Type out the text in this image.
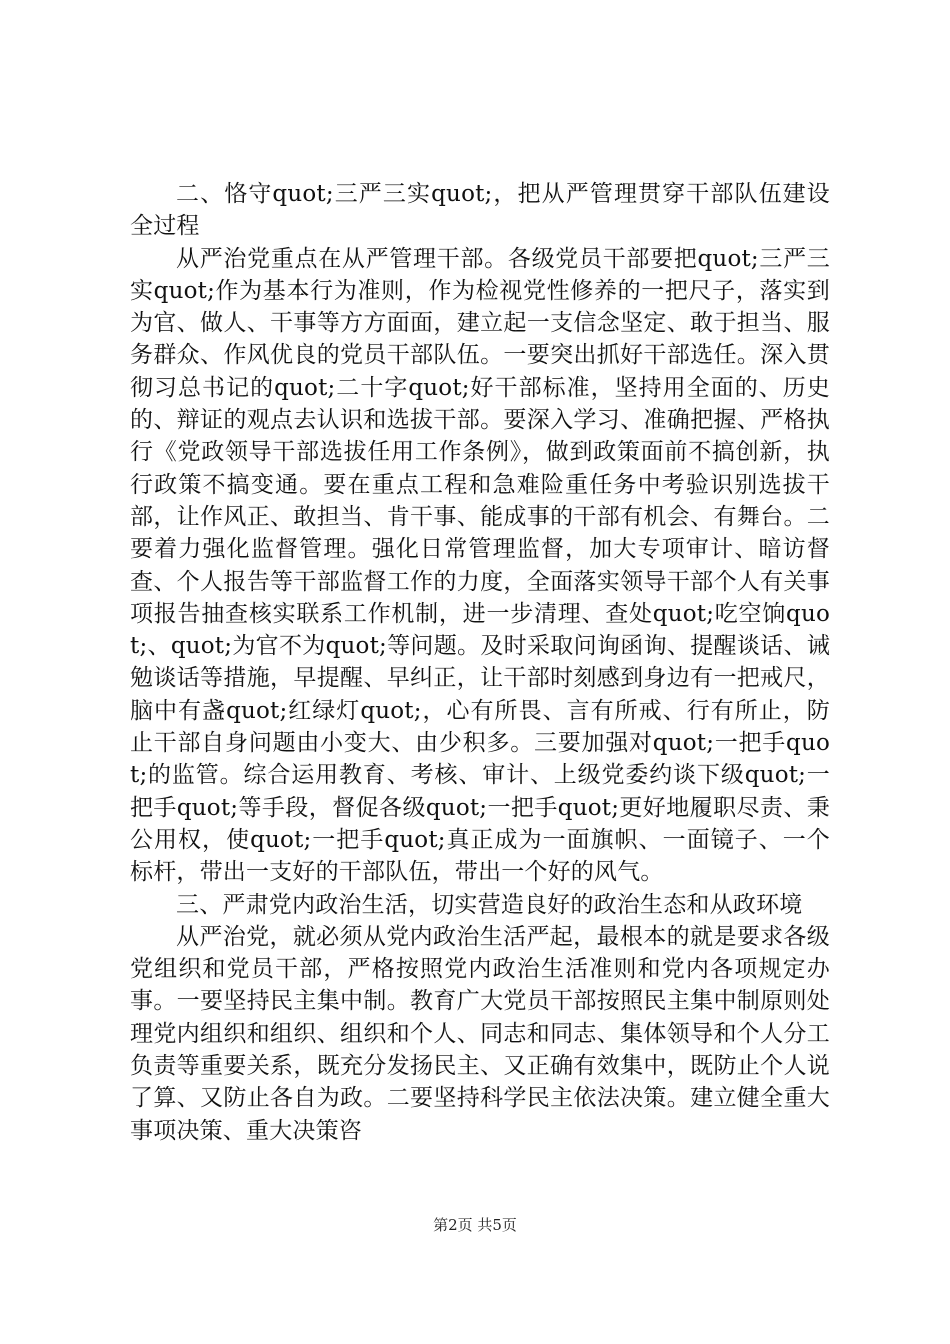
二、恪守quot;三严三实quot;，把从严管理贯穿干部队伍建设全过程

从严治党重点在从严管理干部。各级党员干部要把quot;三严三实quot;作为基本行为准则，作为检视党性修养的一把尺子，落实到为官、做人、干事等方方面面，建立起一支信念坚定、敢于担当、服务群众、作风优良的党员干部队伍。一要突出抓好干部选任。深入贯彻习总书记的quot;二十字quot;好干部标准，坚持用全面的、历史的、辩证的观点去认识和选拔干部。要深入学习、准确把握、严格执行《党政领导干部选拔任用工作条例》，做到政策面前不搞创新，执行政策不搞变通。要在重点工程和急难险重任务中考验识别选拔干部，让作风正、敢担当、肯干事、能成事的干部有机会、有舞台。二要着力强化监督管理。强化日常管理监督，加大专项审计、暗访督查、个人报告等干部监督工作的力度，全面落实领导干部个人有关事项报告抽查核实联系工作机制，进一步清理、查处quot;吃空饷quot;、quot;为官不为quot;等问题。及时采取问询函询、提醒谈话、诫勉谈话等措施，早提醒、早纠正，让干部时刻感到身边有一把戒尺，脑中有盏quot;红绿灯quot;，心有所畏、言有所戒、行有所止，防止干部自身问题由小变大、由少积多。三要加强对quot;一把手quot;的监管。综合运用教育、考核、审计、上级党委约谈下级quot;一把手quot;等手段，督促各级quot;一把手quot;更好地履职尽责、秉公用权，使quot;一把手quot;真正成为一面旗帜、一面镜子、一个标杆，带出一支好的干部队伍，带出一个好的风气。

三、严肃党内政治生活，切实营造良好的政治生态和从政环境

从严治党，就必须从党内政治生活严起，最根本的就是要求各级党组织和党员干部，严格按照党内政治生活准则和党内各项规定办事。一要坚持民主集中制。教育广大党员干部按照民主集中制原则处理党内组织和组织、组织和个人、同志和同志、集体领导和个人分工负责等重要关系，既充分发扬民主、又正确有效集中，既防止个人说了算、又防止各自为政。二要坚持科学民主依法决策。建立健全重大事项决策、重大决策咨

第2页 共5页
